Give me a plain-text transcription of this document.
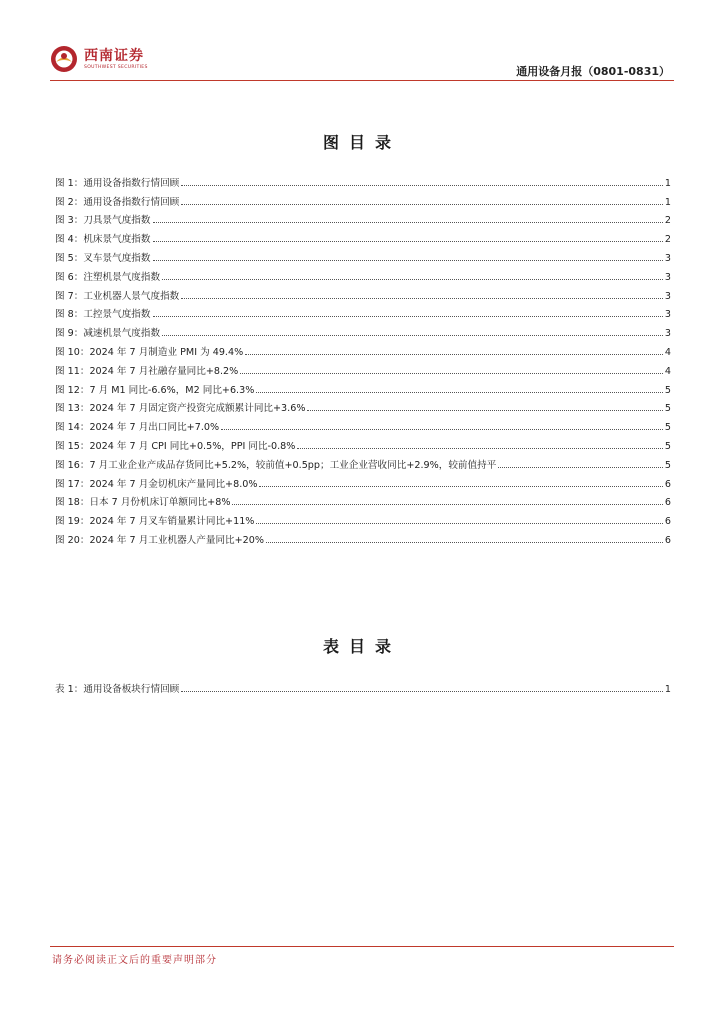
西南证券
SOUTHWEST SECURITIES	通用设备月报（0801-0831）
图目录
图 1：通用设备指数行情回顾	1
图 2：通用设备指数行情回顾	1
图 3：刀具景气度指数	2
图 4：机床景气度指数	2
图 5：叉车景气度指数	3
图 6：注塑机景气度指数	3
图 7：工业机器人景气度指数	3
图 8：工控景气度指数	3
图 9：减速机景气度指数	3
图 10：2024 年 7 月制造业 PMI 为 49.4%	4
图 11：2024 年 7 月社融存量同比+8.2%	4
图 12：7 月 M1 同比-6.6%，M2 同比+6.3%	5
图 13：2024 年 7 月固定资产投资完成额累计同比+3.6%	5
图 14：2024 年 7 月出口同比+7.0%	5
图 15：2024 年 7 月 CPI 同比+0.5%，PPI 同比-0.8%	5
图 16：7 月工业企业产成品存货同比+5.2%，较前值+0.5pp；工业企业营收同比+2.9%，较前值持平	5
图 17：2024 年 7 月金切机床产量同比+8.0%	6
图 18：日本 7 月份机床订单额同比+8%	6
图 19：2024 年 7 月叉车销量累计同比+11%	6
图 20：2024 年 7 月工业机器人产量同比+20%	6
表目录
表 1：通用设备板块行情回顾	1
请务必阅读正文后的重要声明部分
